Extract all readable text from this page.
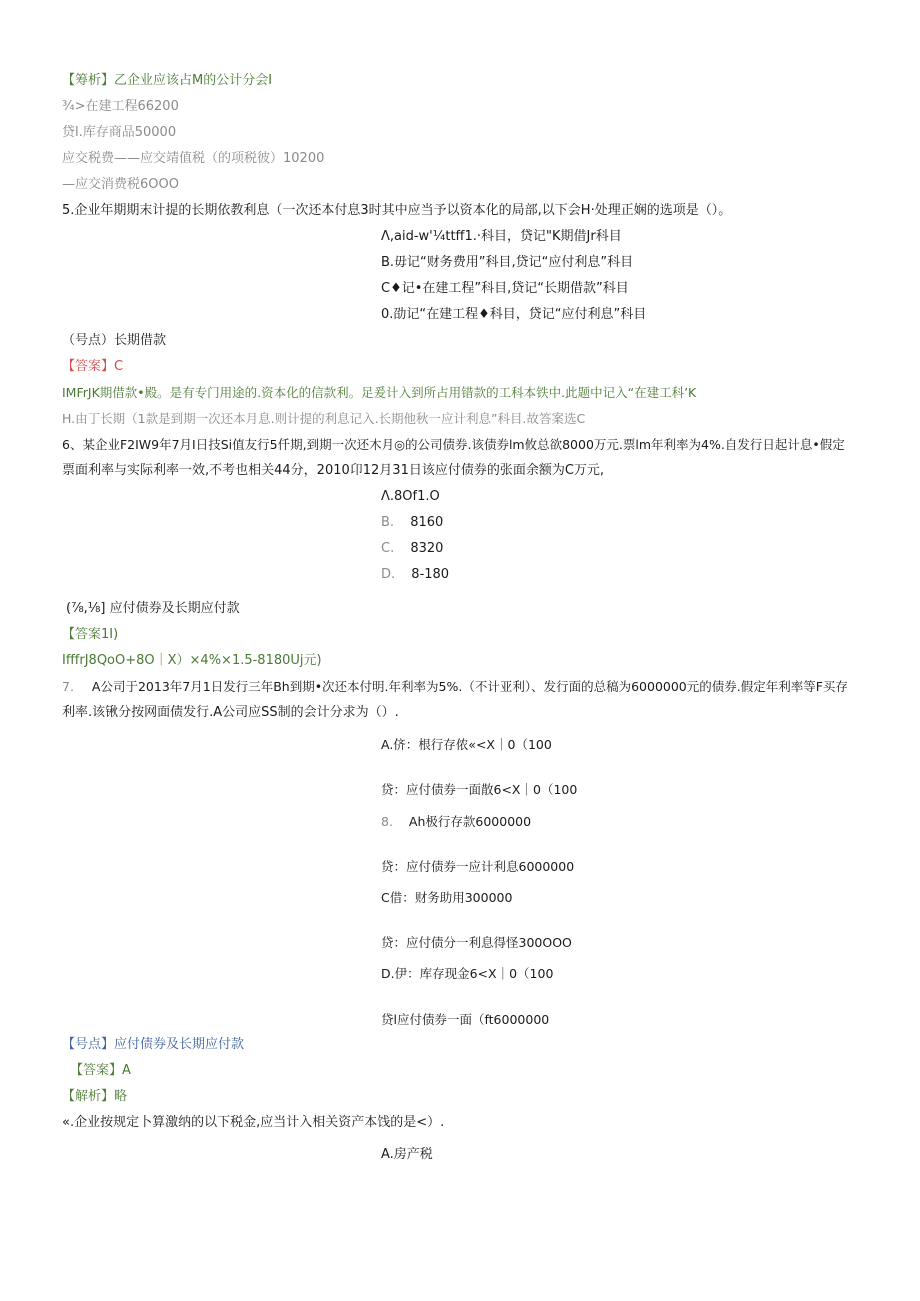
【筹析】乙企业应该占M的公计分会I
¾>在建工程66200
贷l.库存商品50000
应交税费——应交靖值税（的项税彼）10200
—应交消费税6OOO
5.企业年期期末计提的长期依教利息（一次还本付息3时其中应当予以资本化的局部,以下会H·处理正娴的选项是（）。
Λ,aid-w'¼ttff1.·科目，贷记"K期借Jr科目
B.毋记“财务费用”科目,贷记“应付利息”科目
C♦记•在建工程”科目,贷记“长期借款”科目
0.劭记“在建工程♦科目，贷记“应付利息”科目
（号点）长期借款
【答案】C
IMFrJK期借款•殿。是有专门用途的.资本化的信款利。足爰计入到所占用错款的工科本铁中.此题中记入“在建工科’K
H.由丁长期（1款是到期一次还本月息.则计提的利息记入.长期他秋一应计利息”科目.故答案选C
6、某企业F2IW9年7月I日技Si值友行5仟期,到期一次还木月◎的公司债券.该债券lm攸总欲8000万元.票lm年利率为4%.自发行日起计息•假定
票面利率与实际利率一效,不考也相关44分，2010卬12月31日该应付债券的张面余额为C万元,
Λ.8Of1.O
B. 8160
C. 8320
D. 8-180
(⅞,⅛] 应付债券及长期应付款
【答案1I)
IfffrJ8QoO+8O｜X）×4%×1.5-8180Uj元)
7. A公司于2013年7月1日发行三年Bh到期•次还本付明.年利率为5%.（不计亚利）、发行面的总稿为6000000元的债券.假定年利率等F买存
利率.该锹分按网面债发行.A公司应SS制的会计分求为（）.
A.侪：根行存侬«<X｜0（100
贷：应付债券一面散6<X｜0（100
8. Ah极行存款6000000
贷：应付债券一应计利息6000000
C借：财务助用300000
贷：应付债分一利息得怪300OOO
D.伊：库存现金6<X｜0（100
贷l应付债券一面（ft6000000
【号点】应付债券及长期应付款
【答案】A
【解析】略
«.企业按规定卜算激纳的以下税金,应当计入相关资产本饯的是<）.
A.房产税
